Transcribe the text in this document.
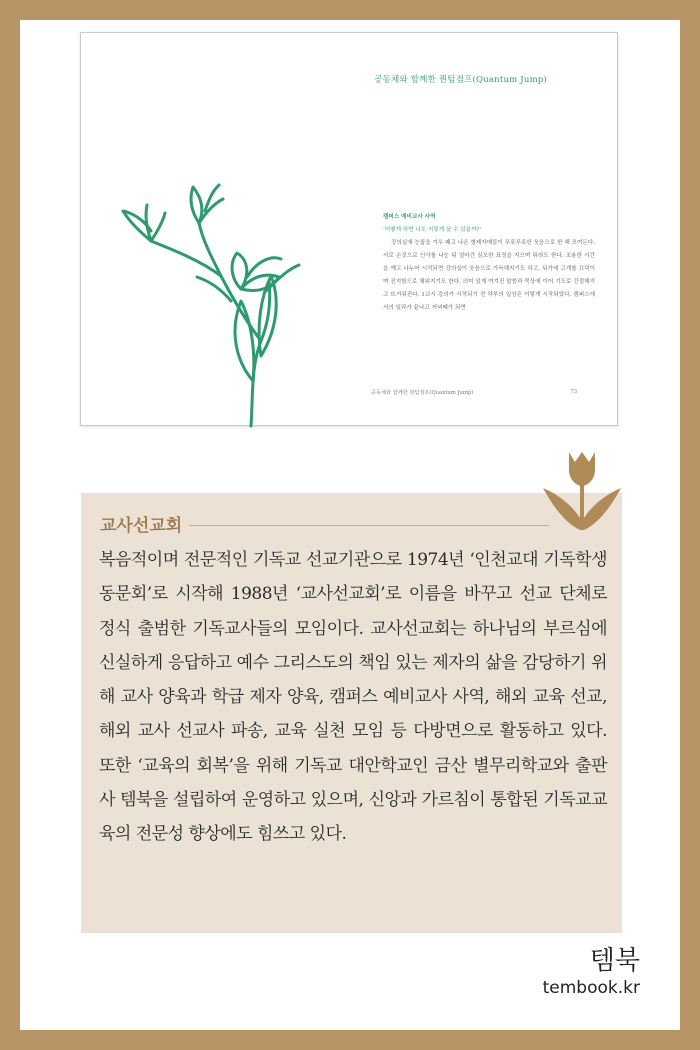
공동체와 함께한 퀀텀점프(Quantum Jump)
캠퍼스 예비교사 사역
‘어떻게 하면 나도 저렇게 살 수 있을까?’

강의실에 눈꼽을 겨우 떼고 나온 형제자매들이 푸릇푸릇한 웃음으로 한 해 모여든다. 서로 손짓으로 인사를 나눈 뒤 얼마간 심오한 표정을 지으며 뭐라도 한다. 조용한 시간을 깨고 나누어 시작되면 강의실이 웃음으로 가득해지기도 하고, 뒤가에 고개를 끄덕이며 진지함으로 채워지기도 한다. 의미 있게 여겨진 말씀과 묵상에 이어 기도로 간절해지고 뜨거워진다. 1교시 강의가 시작되기 전 하루의 일상은 이렇게 시작되었다. 캠퍼스에서의 일과가 끝나고 저녁때가 되면

공동체와 함께한 퀀텀점프(Quantum Jump)	73
교사선교회
복음적이며 전문적인 기독교 선교기관으로 1974년 ‘인천교대 기독학생 동문회’로 시작해 1988년 ‘교사선교회’로 이름을 바꾸고 선교 단체로 정식 출범한 기독교사들의 모임이다. 교사선교회는 하나님의 부르심에 신실하게 응답하고 예수 그리스도의 책임 있는 제자의 삶을 감당하기 위해 교사 양육과 학급 제자 양육, 캠퍼스 예비교사 사역, 해외 교육 선교, 해외 교사 선교사 파송, 교육 실천 모임 등 다방면으로 활동하고 있다. 또한 ‘교육의 회복’을 위해 기독교 대안학교인 금산 별무리학교와 출판사 템북을 설립하여 운영하고 있으며, 신앙과 가르침이 통합된 기독교교육의 전문성 향상에도 힘쓰고 있다.
템북
tembook.kr
